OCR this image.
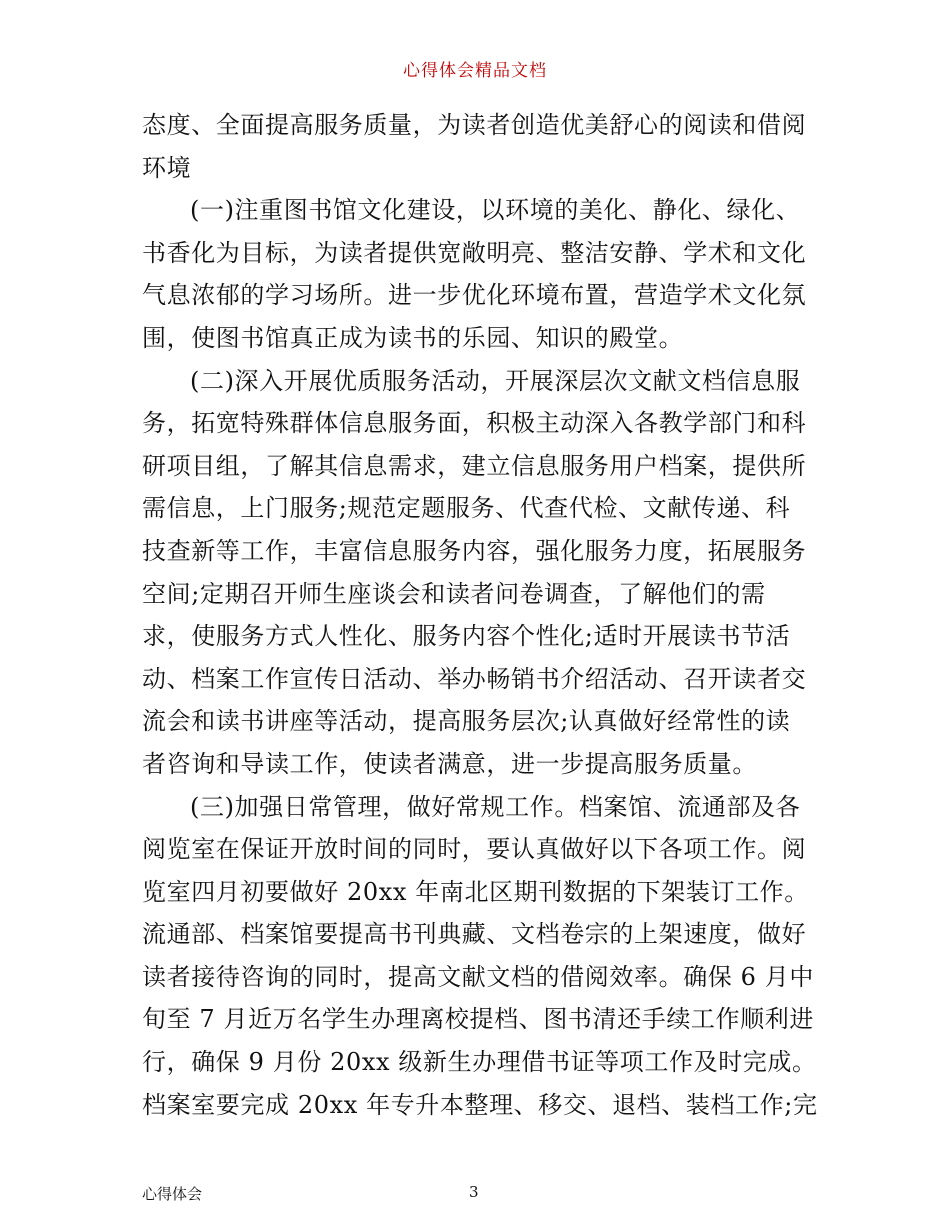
心得体会精品文档
态度、全面提高服务质量，为读者创造优美舒心的阅读和借阅
环境
(一)注重图书馆文化建设，以环境的美化、静化、绿化、
书香化为目标，为读者提供宽敞明亮、整洁安静、学术和文化
气息浓郁的学习场所。进一步优化环境布置，营造学术文化氛
围，使图书馆真正成为读书的乐园、知识的殿堂。
(二)深入开展优质服务活动，开展深层次文献文档信息服
务，拓宽特殊群体信息服务面，积极主动深入各教学部门和科
研项目组，了解其信息需求，建立信息服务用户档案，提供所
需信息，上门服务;规范定题服务、代查代检、文献传递、科
技查新等工作，丰富信息服务内容，强化服务力度，拓展服务
空间;定期召开师生座谈会和读者问卷调查，了解他们的需
求，使服务方式人性化、服务内容个性化;适时开展读书节活
动、档案工作宣传日活动、举办畅销书介绍活动、召开读者交
流会和读书讲座等活动，提高服务层次;认真做好经常性的读
者咨询和导读工作，使读者满意，进一步提高服务质量。
(三)加强日常管理，做好常规工作。档案馆、流通部及各
阅览室在保证开放时间的同时，要认真做好以下各项工作。阅
览室四月初要做好 20xx 年南北区期刊数据的下架装订工作。
流通部、档案馆要提高书刊典藏、文档卷宗的上架速度，做好
读者接待咨询的同时，提高文献文档的借阅效率。确保 6 月中
旬至 7 月近万名学生办理离校提档、图书清还手续工作顺利进
行，确保 9 月份 20xx 级新生办理借书证等项工作及时完成。
档案室要完成 20xx 年专升本整理、移交、退档、装档工作;完
心得体会	3
